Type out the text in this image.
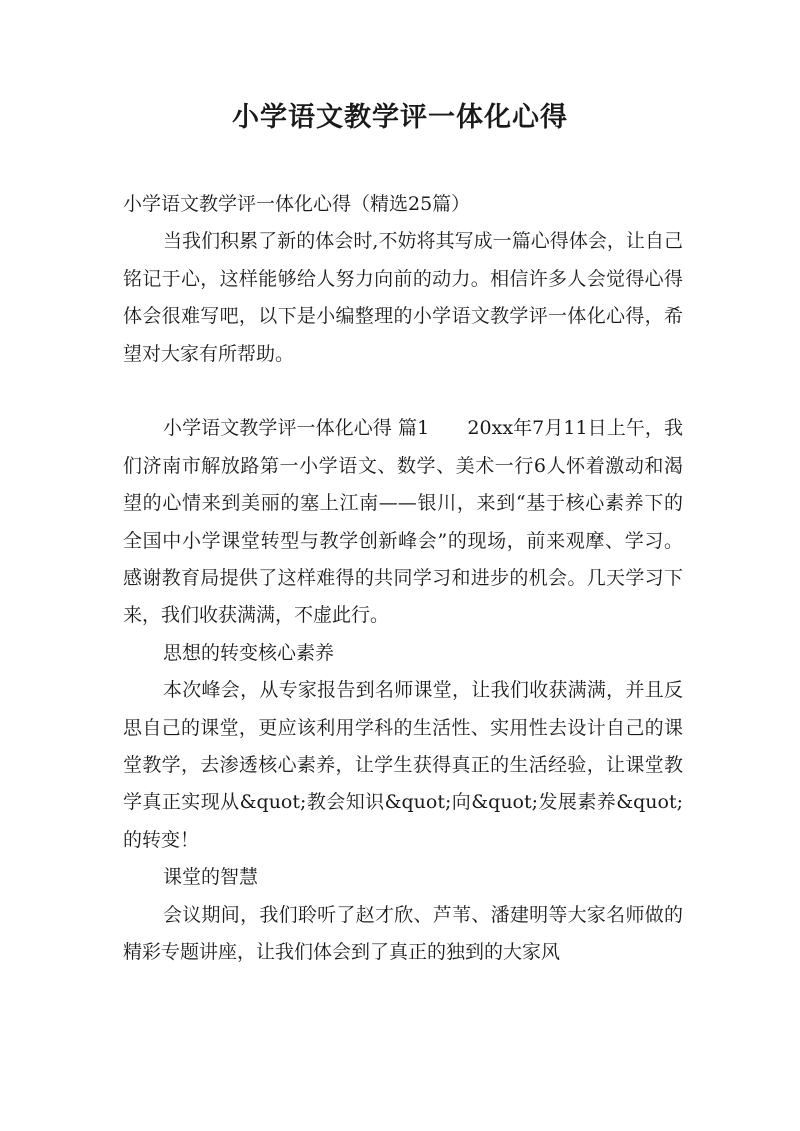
小学语文教学评一体化心得

小学语文教学评一体化心得（精选25篇）

当我们积累了新的体会时,不妨将其写成一篇心得体会，让自己铭记于心，这样能够给人努力向前的动力。相信许多人会觉得心得体会很难写吧，以下是小编整理的小学语文教学评一体化心得，希望对大家有所帮助。

小学语文教学评一体化心得 篇1　　20xx年7月11日上午，我们济南市解放路第一小学语文、数学、美术一行6人怀着激动和渴望的心情来到美丽的塞上江南——银川，来到“基于核心素养下的全国中小学课堂转型与教学创新峰会”的现场，前来观摩、学习。感谢教育局提供了这样难得的共同学习和进步的机会。几天学习下来，我们收获满满，不虚此行。

思想的转变核心素养

本次峰会，从专家报告到名师课堂，让我们收获满满，并且反思自己的课堂，更应该利用学科的生活性、实用性去设计自己的课堂教学，去渗透核心素养，让学生获得真正的生活经验，让课堂教学真正实现从&quot;教会知识&quot;向&quot;发展素养&quot;的转变！

课堂的智慧

会议期间，我们聆听了赵才欣、芦苇、潘建明等大家名师做的精彩专题讲座，让我们体会到了真正的独到的大家风
